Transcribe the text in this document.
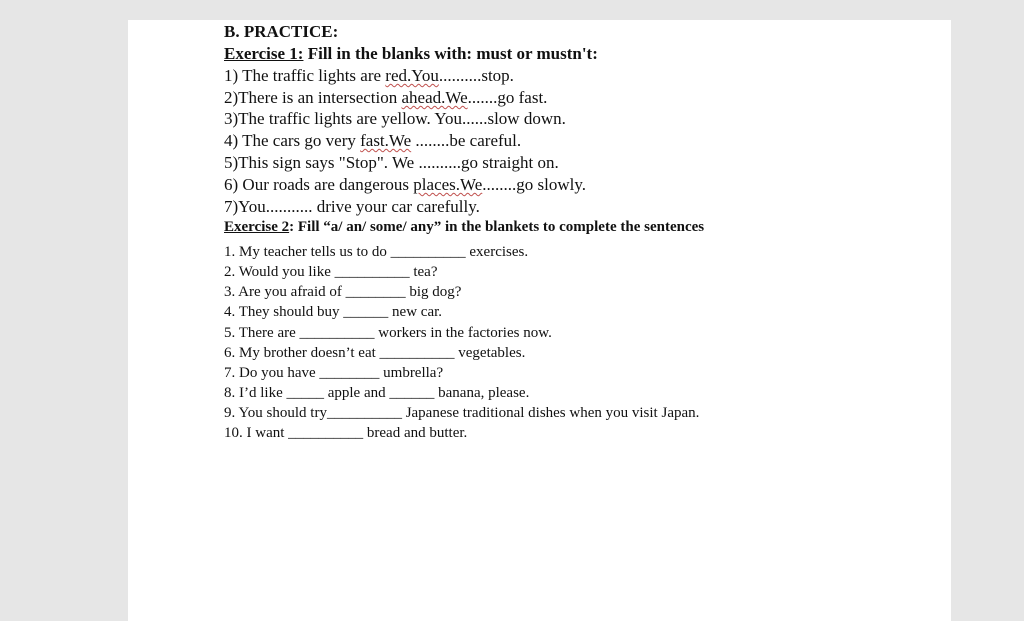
B. PRACTICE:
Exercise 1: Fill in the blanks with: must or mustn't:
1) The traffic lights are red.You..........stop.
2)There is an intersection ahead.We.......go fast.
3)The traffic lights are yellow. You......slow down.
4) The cars go very fast.We ........be careful.
5)This sign says "Stop". We ..........go straight on.
6) Our roads are dangerous places.We........go slowly.
7)You........... drive your car carefully.
Exercise 2: Fill “a/ an/ some/ any” in the blankets to complete the sentences
1. My teacher tells us to do __________ exercises.
2. Would you like __________ tea?
3. Are you afraid of ________ big dog?
4. They should buy ______ new car.
5. There are __________ workers in the factories now.
6. My brother doesn’t eat __________ vegetables.
7. Do you have ________ umbrella?
8. I’d like _____ apple and ______ banana, please.
9. You should try__________ Japanese traditional dishes when you visit Japan.
10. I want __________ bread and butter.
